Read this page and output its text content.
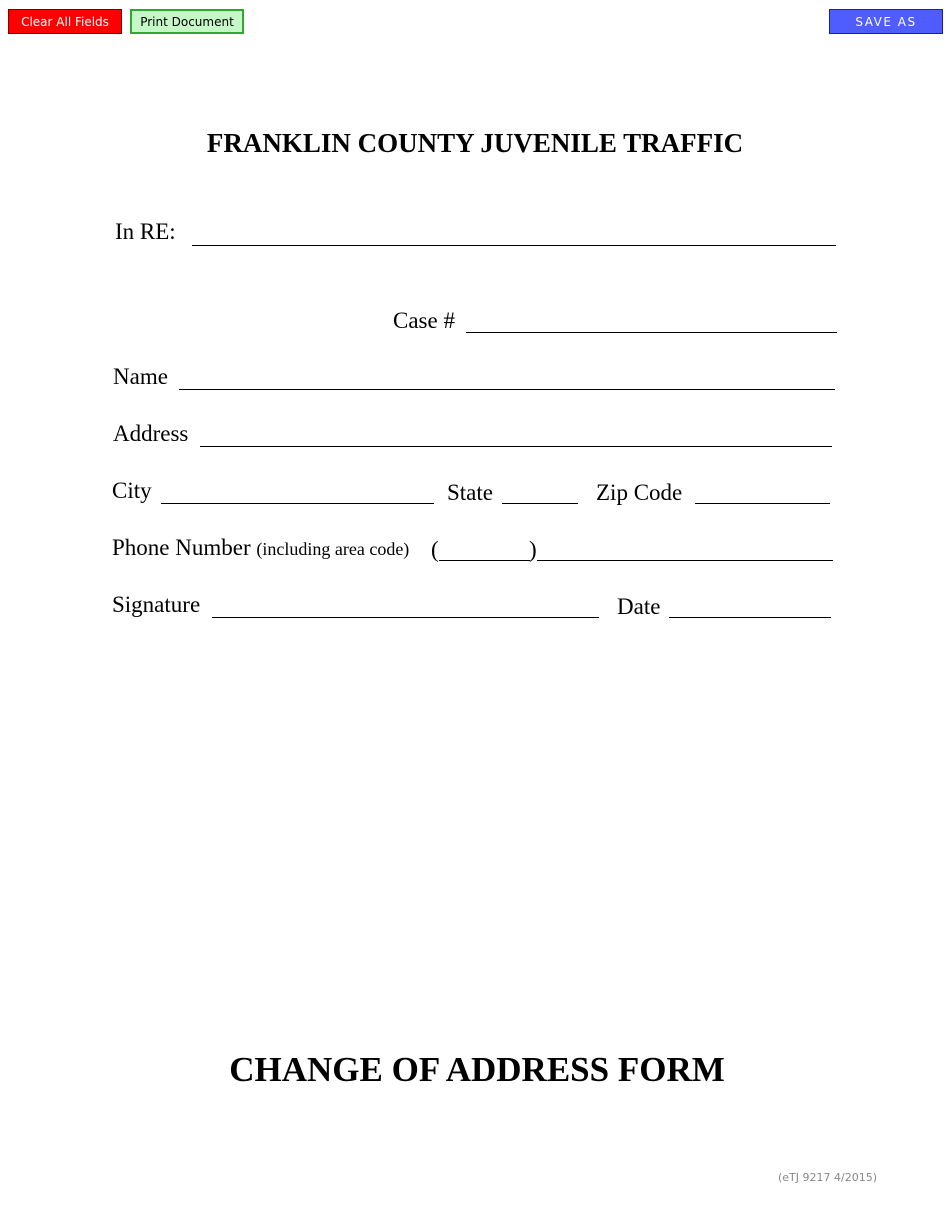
Clear All Fields	Print Document	SAVE AS
FRANKLIN COUNTY JUVENILE TRAFFIC
In RE:
Case #
Name
Address
City	State	Zip Code
Phone Number (including area code) (	)
Signature	Date
CHANGE OF ADDRESS FORM
(eTJ 9217 4/2015)
